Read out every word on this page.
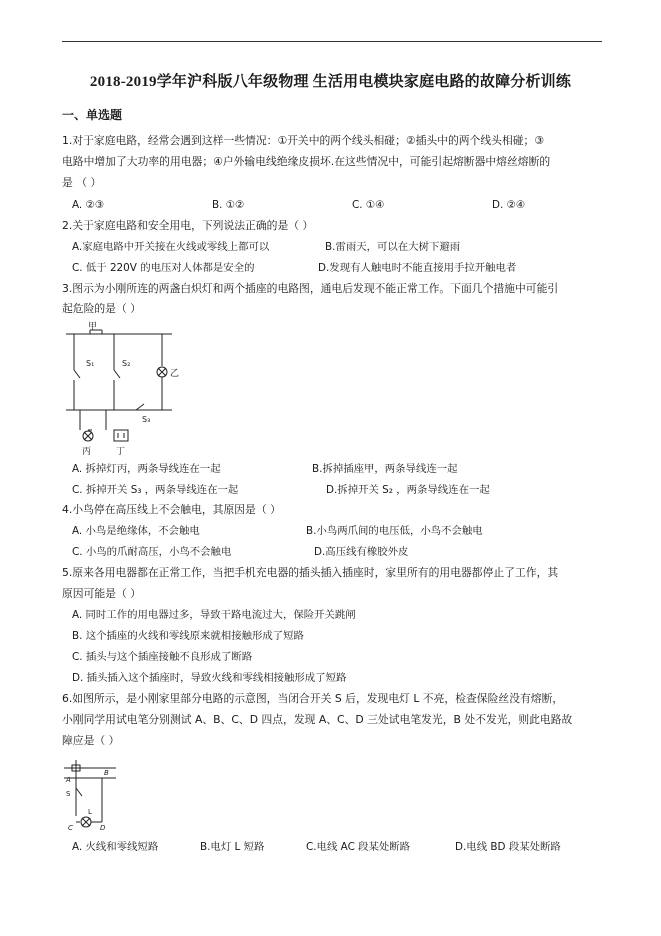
2018-2019学年沪科版八年级物理 生活用电模块家庭电路的故障分析训练
一、单选题
1.对于家庭电路，经常会遇到这样一些情况：①开关中的两个线头相碰；②插头中的两个线头相碰；③
电路中增加了大功率的用电器；④户外输电线绝缘皮损坏.在这些情况中，可能引起熔断器中熔丝熔断的
是 （ ）
A. ②③	B. ①②	C. ①④	D. ②④
2.关于家庭电路和安全用电，下列说法正确的是（ ）
A.家庭电路中开关接在火线或零线上都可以	B.雷雨天，可以在大树下避雨
C. 低于 220V 的电压对人体都是安全的	D.发现有人触电时不能直接用手拉开触电者
3.图示为小刚所连的两盏白炽灯和两个插座的电路图，通电后发现不能正常工作。下面几个措施中可能引
起危险的是（ ）
甲
S₁	S₂
乙
S₃
丙	丁
A. 拆掉灯丙，两条导线连在一起	B.拆掉插座甲，两条导线连一起
C. 拆掉开关 S₃ ，两条导线连在一起	D.拆掉开关 S₂ ，两条导线连在一起
4.小鸟停在高压线上不会触电，其原因是（ ）
A. 小鸟是绝缘体，不会触电	B.小鸟两爪间的电压低，小鸟不会触电
C. 小鸟的爪耐高压，小鸟不会触电	D.高压线有橡胶外皮
5.原来各用电器都在正常工作，当把手机充电器的插头插入插座时，家里所有的用电器都停止了工作，其
原因可能是（ ）
A. 同时工作的用电器过多，导致干路电流过大，保险开关跳闸
B. 这个插座的火线和零线原来就相接触形成了短路
C. 插头与这个插座接触不良形成了断路
D. 插头插入这个插座时，导致火线和零线相接触形成了短路
6.如图所示，是小刚家里部分电路的示意图，当闭合开关 S 后，发现电灯 L 不亮，检查保险丝没有熔断，
小刚同学用试电笔分别测试 A、B、C、D 四点，发现 A、C、D 三处试电笔发光，B 处不发光，则此电路故
障应是（ ）
A
B
S
L
C	D
A. 火线和零线短路	B.电灯 L 短路	C.电线 AC 段某处断路	D.电线 BD 段某处断路
